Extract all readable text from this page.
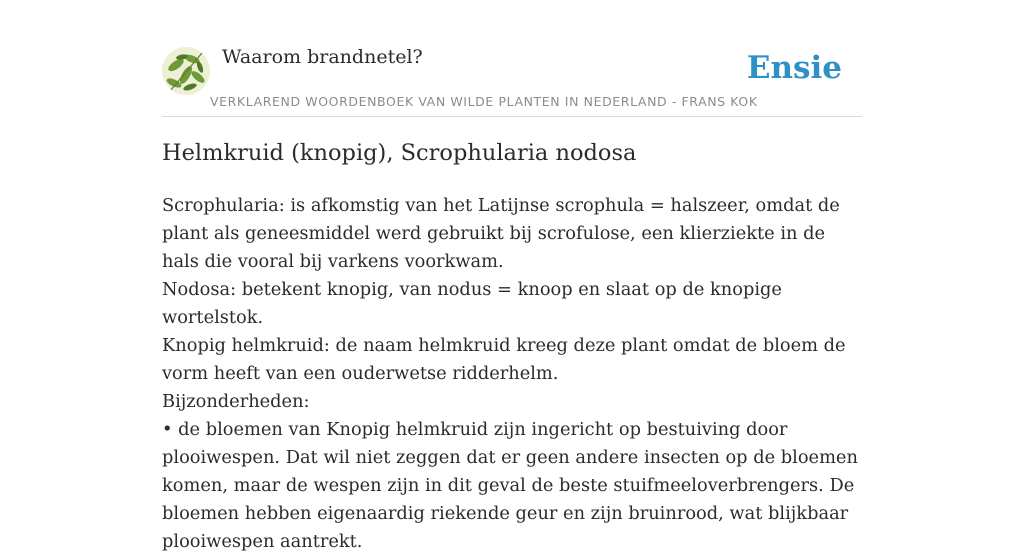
Waarom brandnetel?
VERKLAREND WOORDENBOEK VAN WILDE PLANTEN IN NEDERLAND - FRANS KOK
Ensie
Helmkruid (knopig), Scrophularia nodosa

Scrophularia: is afkomstig van het Latijnse scrophula = halszeer, omdat de plant als geneesmiddel werd gebruikt bij scrofulose, een klierziekte in de hals die vooral bij varkens voorkwam.

Nodosa: betekent knopig, van nodus = knoop en slaat op de knopige wortelstok.

Knopig helmkruid: de naam helmkruid kreeg deze plant omdat de bloem de vorm heeft van een ouderwetse ridderhelm.

Bijzonderheden:

• de bloemen van Knopig helmkruid zijn ingericht op bestuiving door plooiwespen. Dat wil niet zeggen dat er geen andere insecten op de bloemen komen, maar de wespen zijn in dit geval de beste stuifmeeloverbrengers. De bloemen hebben eigenaardig riekende geur en zijn bruinrood, wat blijkbaar plooiwespen aantrekt.
